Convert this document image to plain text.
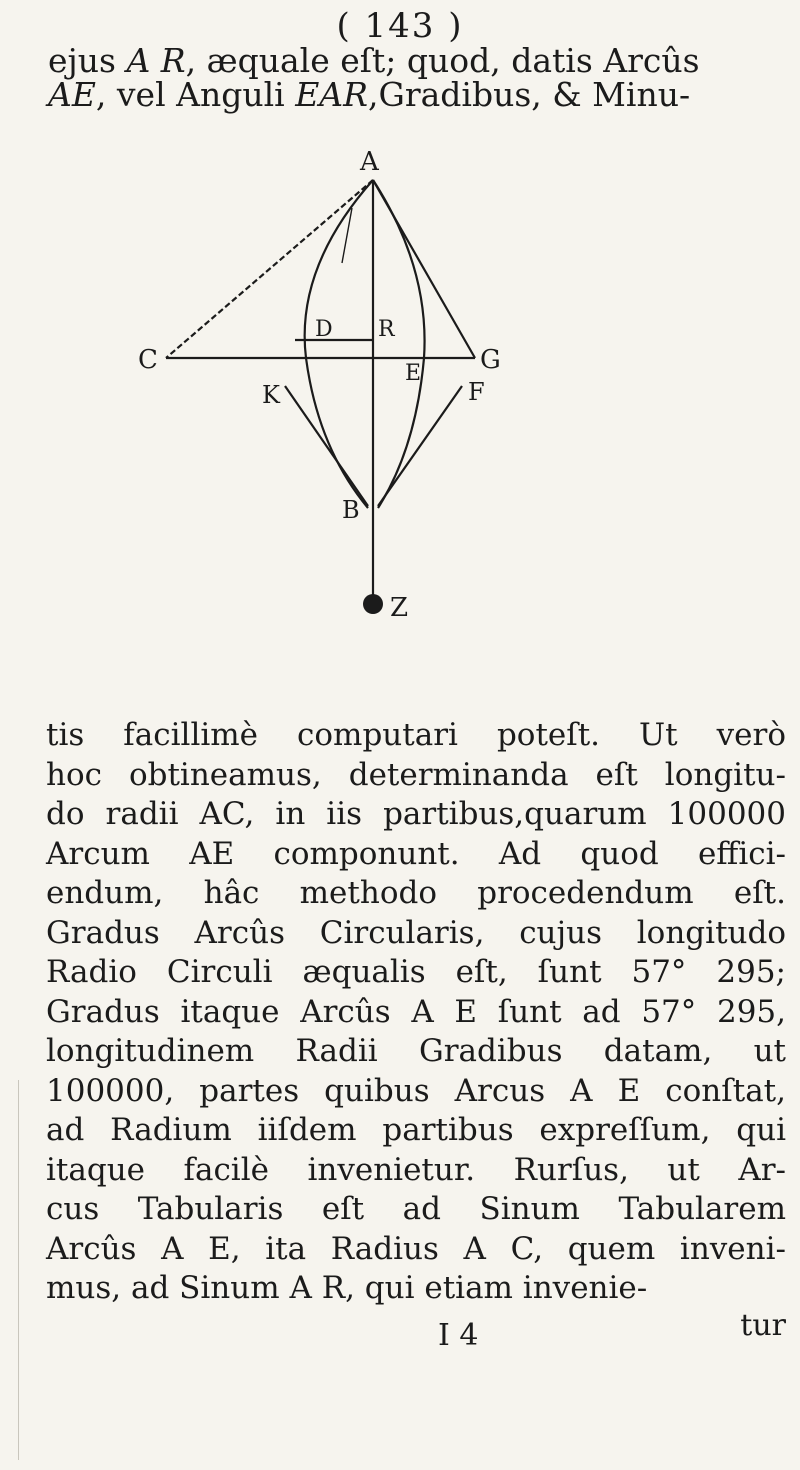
( 143 )
ejus A R, æquale eſt; quod, datis Arcûs
AE, vel Anguli EAR,Gradibus, & Minu-
A
C
D R
E G
K	F
B
Z
tis facillimè computari poteſt. Ut verò
hoc obtineamus, determinanda eſt longitu-
do radii AC, in iis partibus,quarum 100000
Arcum AE componunt. Ad quod effici-
endum, hâc methodo procedendum eſt.
Gradus Arcûs Circularis, cujus longitudo
Radio Circuli æqualis eſt, ſunt 57° 295;
Gradus itaque Arcûs A E ſunt ad 57° 295,
longitudinem Radii Gradibus datam, ut
100000, partes quibus Arcus A E conſtat,
ad Radium iiſdem partibus expreſſum, qui
itaque facilè invenietur. Rurſus, ut Ar-
cus Tabularis eſt ad Sinum Tabularem
Arcûs A E, ita Radius A C, quem inveni-
mus, ad Sinum A R, qui etiam invenie-
I 4	tur
